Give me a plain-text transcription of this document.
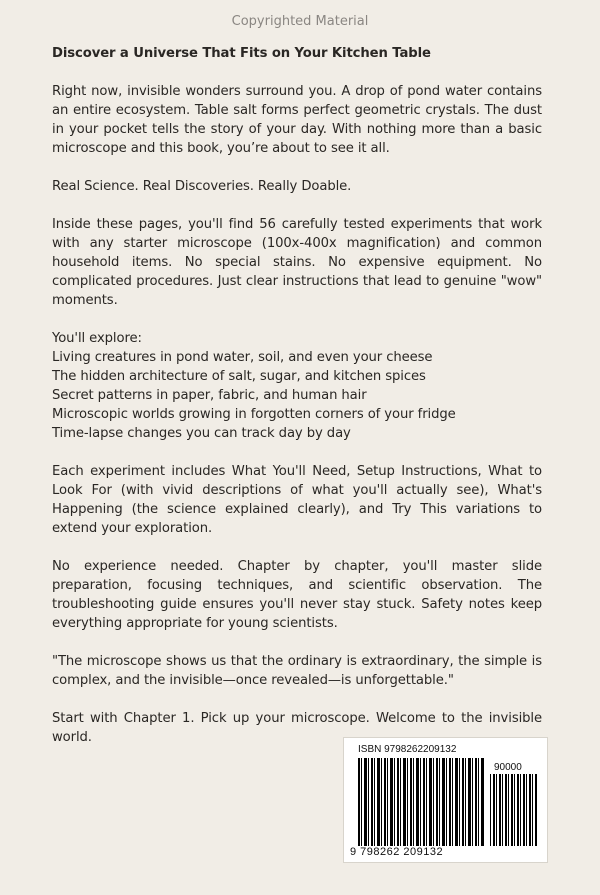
Copyrighted Material

Discover a Universe That Fits on Your Kitchen Table

Right now, invisible wonders surround you. A drop of pond water contains an entire ecosystem. Table salt forms perfect geometric crystals. The dust in your pocket tells the story of your day. With nothing more than a basic microscope and this book, you’re about to see it all.

Real Science. Real Discoveries. Really Doable.

Inside these pages, you'll find 56 carefully tested experiments that work with any starter microscope (100x-400x magnification) and common household items. No special stains. No expensive equipment. No complicated procedures. Just clear instructions that lead to genuine "wow" moments.

You'll explore:
Living creatures in pond water, soil, and even your cheese
The hidden architecture of salt, sugar, and kitchen spices
Secret patterns in paper, fabric, and human hair
Microscopic worlds growing in forgotten corners of your fridge
Time-lapse changes you can track day by day

Each experiment includes What You'll Need, Setup Instructions, What to Look For (with vivid descriptions of what you'll actually see), What's Happening (the science explained clearly), and Try This variations to extend your exploration.

No experience needed. Chapter by chapter, you'll master slide preparation, focusing techniques, and scientific observation. The troubleshooting guide ensures you'll never stay stuck. Safety notes keep everything appropriate for young scientists.

"The microscope shows us that the ordinary is extraordinary, the simple is complex, and the invisible—once revealed—is unforgettable."

Start with Chapter 1. Pick up your microscope. Welcome to the invisible world.

ISBN 9798262209132
90000
9 798262 209132
